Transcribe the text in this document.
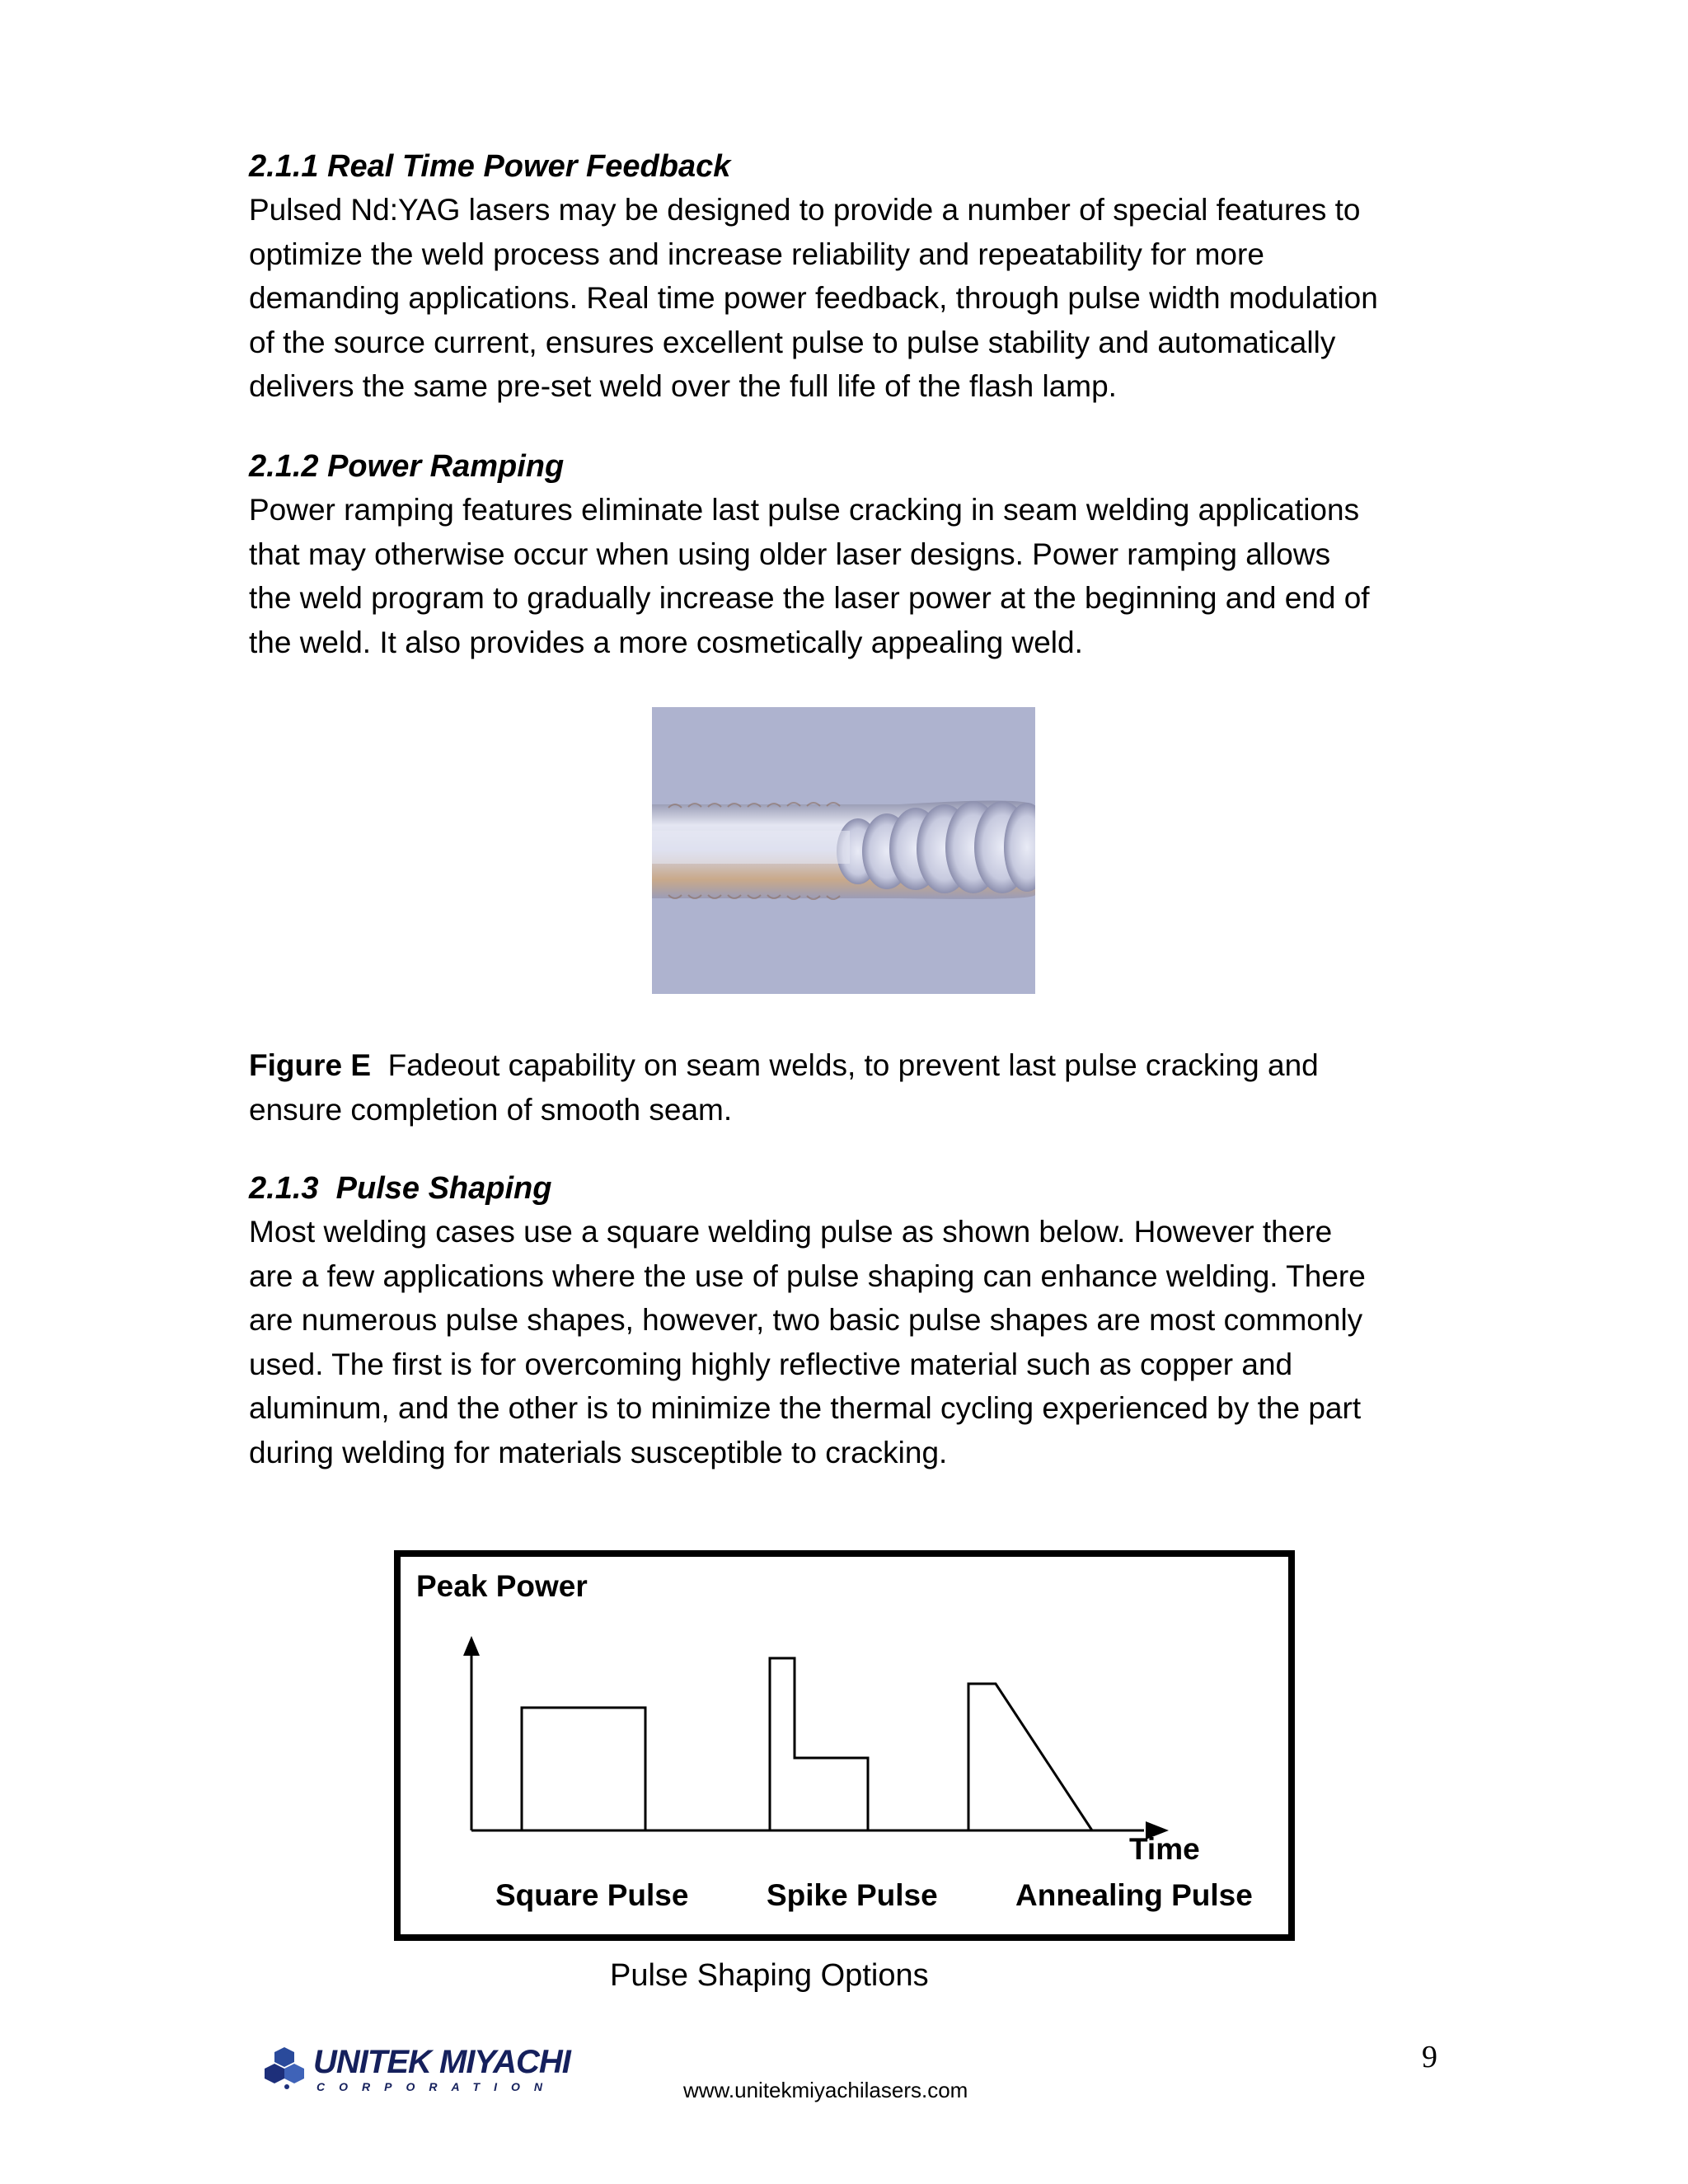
2.1.1 Real Time Power Feedback

Pulsed Nd:YAG lasers may be designed to provide a number of special features to
optimize the weld process and increase reliability and repeatability for more
demanding applications. Real time power feedback, through pulse width modulation
of the source current, ensures excellent pulse to pulse stability and automatically
delivers the same pre-set weld over the full life of the flash lamp.

2.1.2 Power Ramping

Power ramping features eliminate last pulse cracking in seam welding applications
that may otherwise occur when using older laser designs. Power ramping allows
the weld program to gradually increase the laser power at the beginning and end of
the weld. It also provides a more cosmetically appealing weld.

Figure E  Fadeout capability on seam welds, to prevent last pulse cracking and
ensure completion of smooth seam.

2.1.3  Pulse Shaping

Most welding cases use a square welding pulse as shown below. However there
are a few applications where the use of pulse shaping can enhance welding. There
are numerous pulse shapes, however, two basic pulse shapes are most commonly
used. The first is for overcoming highly reflective material such as copper and
aluminum, and the other is to minimize the thermal cycling experienced by the part
during welding for materials susceptible to cracking.

Peak Power
Time
Square Pulse	Spike Pulse	Annealing Pulse
Pulse Shaping Options
UNITEK MIYACHI
CORPORATION	www.unitekmiyachilasers.com
9
